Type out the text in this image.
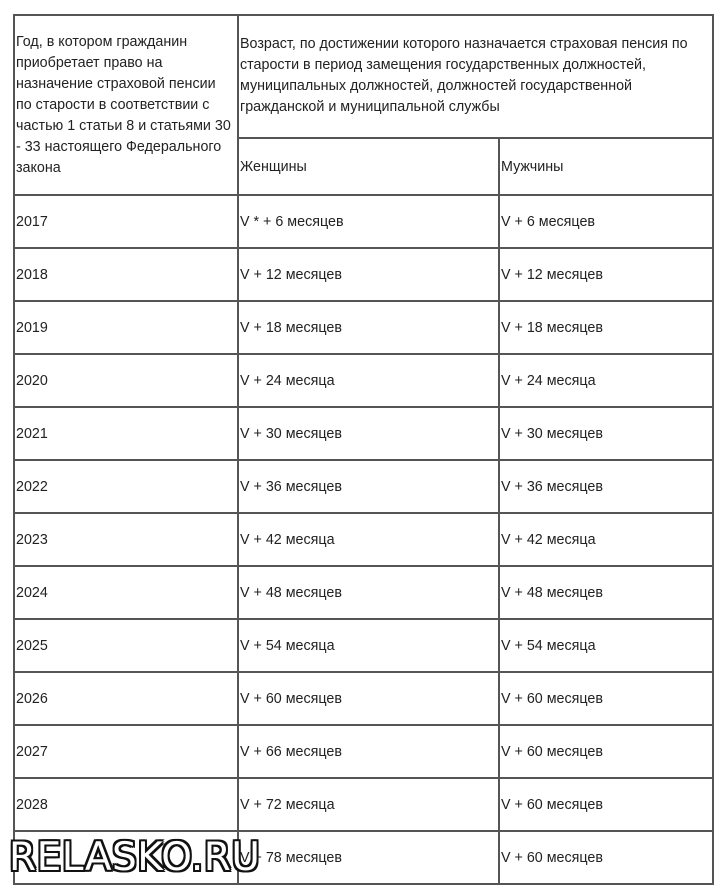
Год, в котором гражданин приобретает право на назначение страховой пенсии по старости в соответствии с частью 1 статьи 8 и статьями 30 - 33 настоящего Федерального закона	Возраст, по достижении которого назначается страховая пенсия по старости в период замещения государственных должностей, муниципальных должностей, должностей государственной гражданской и муниципальной службы	
	Женщины	Мужчины
2017	V * + 6 месяцев	V + 6 месяцев
2018	V + 12 месяцев	V + 12 месяцев
2019	V + 18 месяцев	V + 18 месяцев
2020	V + 24 месяца	V + 24 месяца
2021	V + 30 месяцев	V + 30 месяцев
2022	V + 36 месяцев	V + 36 месяцев
2023	V + 42 месяца	V + 42 месяца
2024	V + 48 месяцев	V + 48 месяцев
2025	V + 54 месяца	V + 54 месяца
2026	V + 60 месяцев	V + 60 месяцев
2027	V + 66 месяцев	V + 60 месяцев
2028	V + 72 месяца	V + 60 месяцев
	V + 78 месяцев	V + 60 месяцев
RELASKO.RU
